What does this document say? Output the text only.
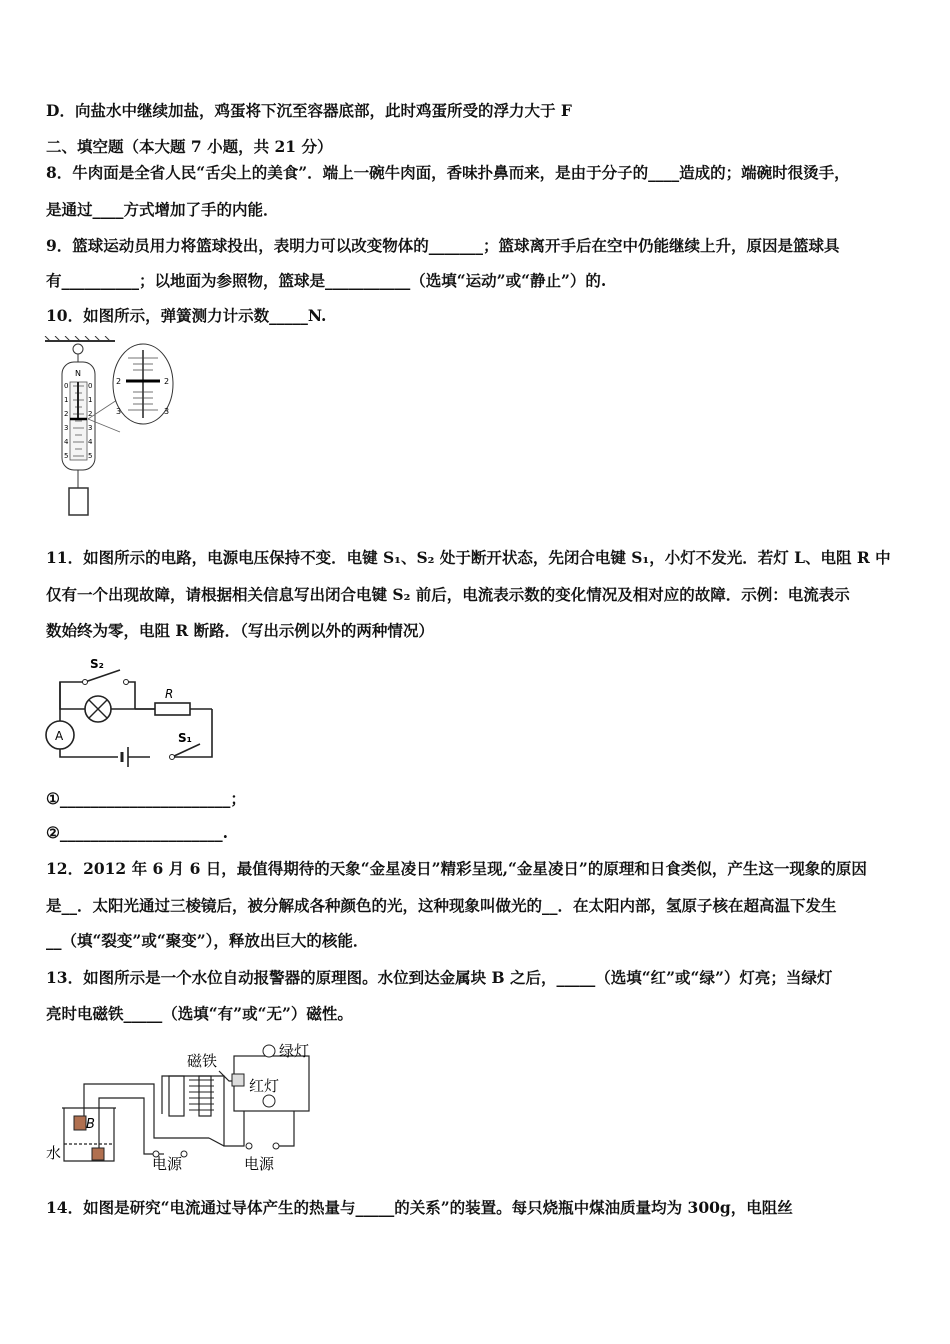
D．向盐水中继续加盐，鸡蛋将下沉至容器底部，此时鸡蛋所受的浮力大于 F
二、填空题（本大题 7 小题，共 21 分）
8．牛肉面是全省人民“舌尖上的美食”．端上一碗牛肉面，香味扑鼻而来，是由于分子的____造成的；端碗时很烫手，
是通过____方式增加了手的内能．
9．篮球运动员用力将篮球投出，表明力可以改变物体的_______；篮球离开手后在空中仍能继续上升，原因是篮球具
有__________；以地面为参照物，篮球是___________（选填“运动”或“静止”）的.
10．如图所示，弹簧测力计示数_____N.
N
0
1
2
3
4
5
0
1
2
3
4
5
2	2
3	3
11．如图所示的电路，电源电压保持不变．电键 S₁、S₂ 处于断开状态，先闭合电键 S₁，小灯不发光．若灯 L、电阻 R 中
仅有一个出现故障，请根据相关信息写出闭合电键 S₂ 前后，电流表示数的变化情况及相对应的故障．示例：电流表示
数始终为零，电阻 R 断路．（写出示例以外的两种情况）
S₂
R
A	S₁
①______________________；
②_____________________.
12．2012 年 6 月 6 日，最值得期待的天象“金星凌日”精彩呈现,“金星凌日”的原理和日食类似，产生这一现象的原因
是__．太阳光通过三棱镜后，被分解成各种颜色的光，这种现象叫做光的__．在太阳内部，氢原子核在超高温下发生
__（填“裂变”或“聚变”），释放出巨大的核能．
13．如图所示是一个水位自动报警器的原理图。水位到达金属块 B 之后，_____（选填“红”或“绿”）灯亮；当绿灯
亮时电磁铁_____（选填“有”或“无”）磁性。
绿灯
磁铁
红灯
B
水
电源	电源
14．如图是研究“电流通过导体产生的热量与_____的关系”的装置。每只烧瓶中煤油质量均为 300g，电阻丝
